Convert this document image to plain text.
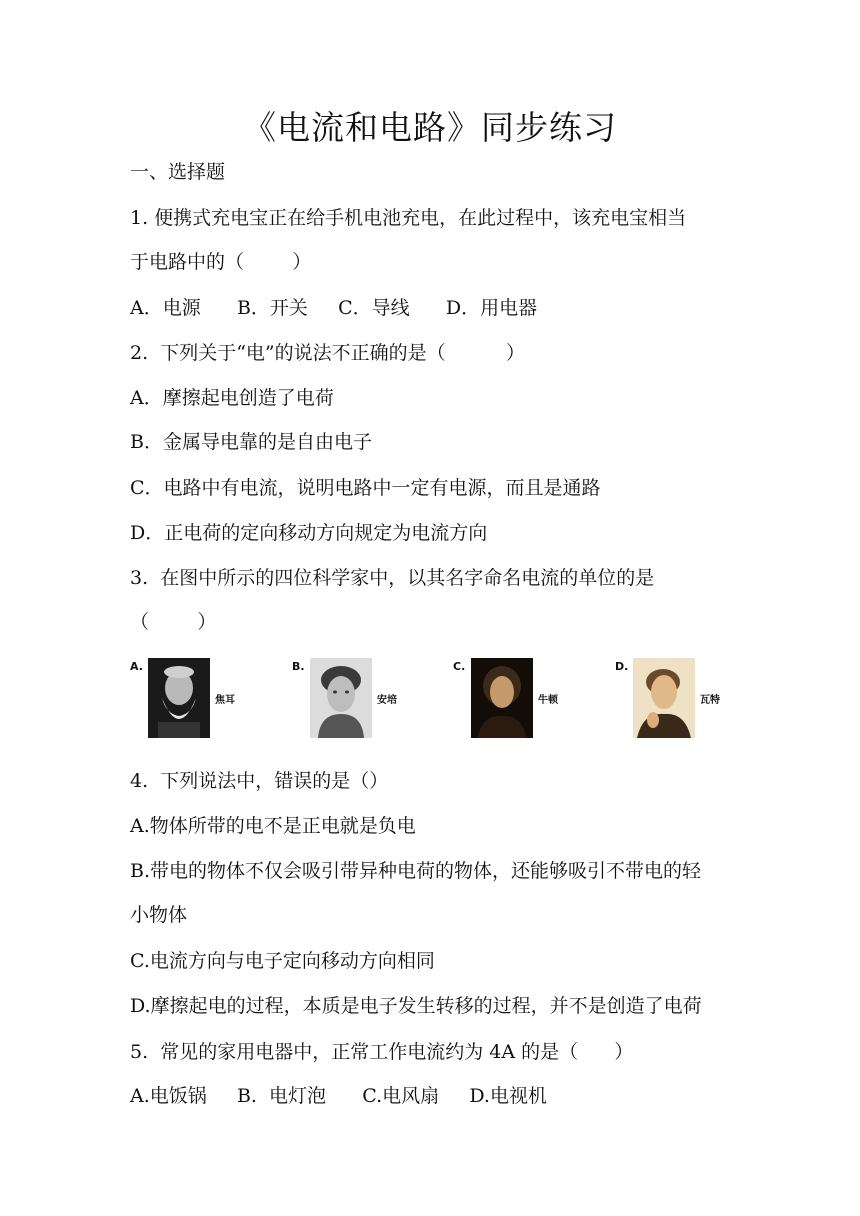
《电流和电路》同步练习
一、选择题
1. 便携式充电宝正在给手机电池充电，在此过程中，该充电宝相当
于电路中的（        ）
A．电源      B．开关     C．导线      D．用电器
2.  下列关于“电”的说法不正确的是（          ）
A．摩擦起电创造了电荷
B．金属导电靠的是自由电子
C．电路中有电流，说明电路中一定有电源，而且是通路
D．正电荷的定向移动方向规定为电流方向
3.  在图中所示的四位科学家中，以其名字命名电流的单位的是
（        ）
A.
焦耳
B.
安培
C.
牛顿
D.
瓦特
4.  下列说法中，错误的是（）
A.物体所带的电不是正电就是负电
B.带电的物体不仅会吸引带异种电荷的物体，还能够吸引不带电的轻
小物体
C.电流方向与电子定向移动方向相同
D.摩擦起电的过程，本质是电子发生转移的过程，并不是创造了电荷
5.  常见的家用电器中，正常工作电流约为 4A 的是（      ）
A.电饭锅     B.  电灯泡      C.电风扇     D.电视机
